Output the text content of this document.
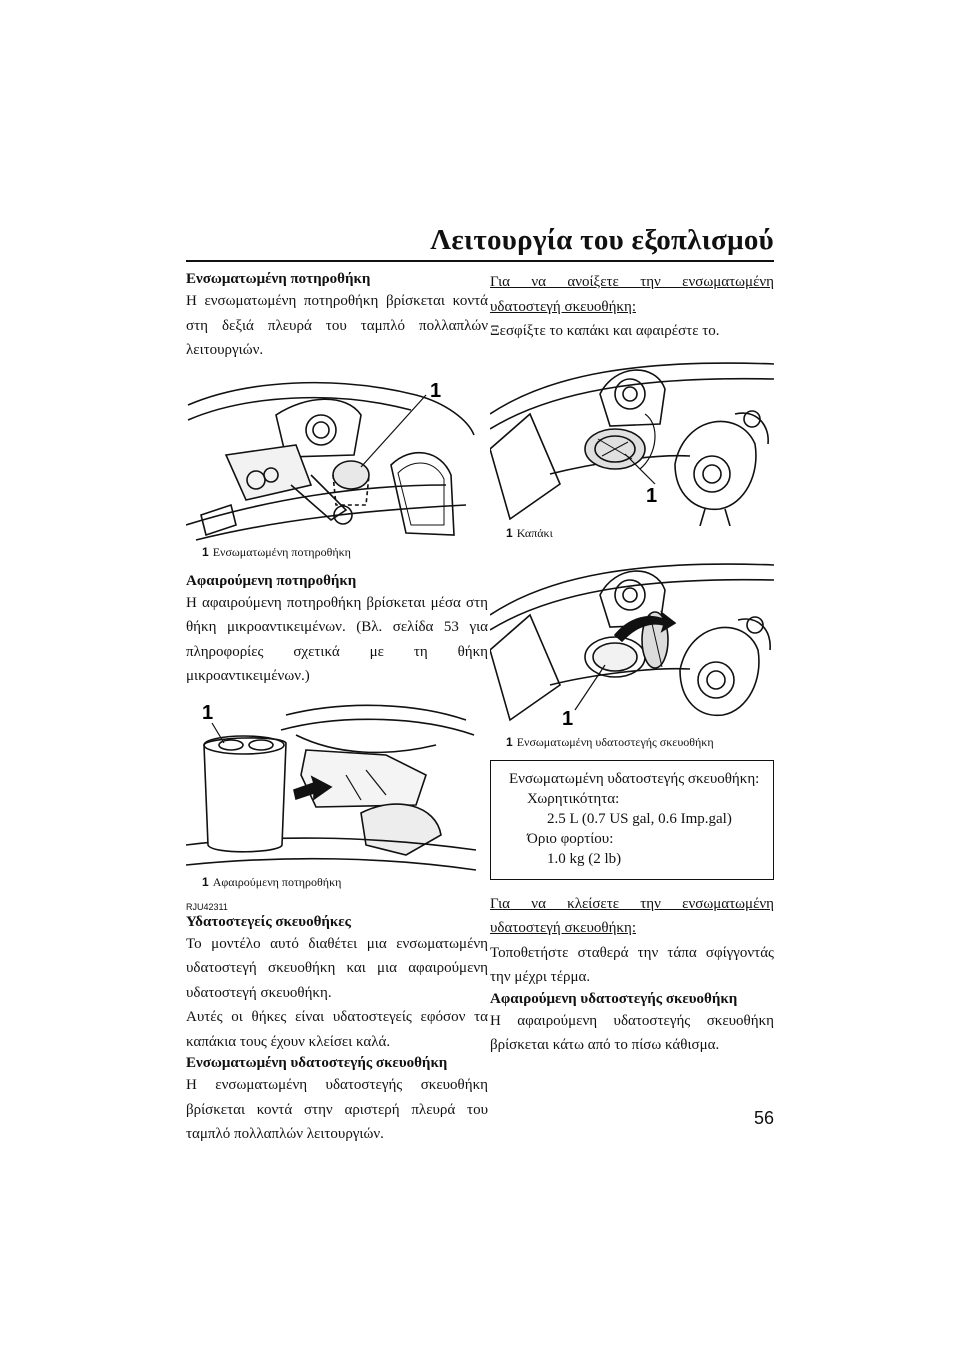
Λειτουργία του εξοπλισμού

Ενσωματωμένη ποτηροθήκη

Η ενσωματωμένη ποτηροθήκη βρίσκεται κοντά στη δεξιά πλευρά του ταμπλό πολλαπλών λειτουργιών.

1

1 Ενσωματωμένη ποτηροθήκη

Αφαιρούμενη ποτηροθήκη

Η αφαιρούμενη ποτηροθήκη βρίσκεται μέσα στη θήκη μικροαντικειμένων. (Βλ. σελίδα 53 για πληροφορίες σχετικά με τη θήκη μικροαντικειμένων.)

1

1 Αφαιρούμενη ποτηροθήκη

RJU42311

Υδατοστεγείς σκευοθήκες

Το μοντέλο αυτό διαθέτει μια ενσωματωμένη υδατοστεγή σκευοθήκη και μια αφαιρούμενη υδατοστεγή σκευοθήκη.

Αυτές οι θήκες είναι υδατοστεγείς εφόσον τα καπάκια τους έχουν κλείσει καλά.

Ενσωματωμένη υδατοστεγής σκευοθήκη

Η ενσωματωμένη υδατοστεγής σκευοθήκη βρίσκεται κοντά στην αριστερή πλευρά του ταμπλό πολλαπλών λειτουργιών.

Για να ανοίξετε την ενσωματωμένη υδατοστεγή σκευοθήκη:

Ξεσφίξτε το καπάκι και αφαιρέστε το.

1

1 Καπάκι

1

1 Ενσωματωμένη υδατοστεγής σκευοθήκη

Ενσωματωμένη υδατοστεγής σκευοθήκη:
Χωρητικότητα:
2.5 L (0.7 US gal, 0.6 Imp.gal)
Όριο φορτίου:
1.0 kg (2 lb)

Για να κλείσετε την ενσωματωμένη υδατοστεγή σκευοθήκη:

Τοποθετήστε σταθερά την τάπα σφίγγοντάς την μέχρι τέρμα.

Αφαιρούμενη υδατοστεγής σκευοθήκη

Η αφαιρούμενη υδατοστεγής σκευοθήκη βρίσκεται κάτω από το πίσω κάθισμα.

56
